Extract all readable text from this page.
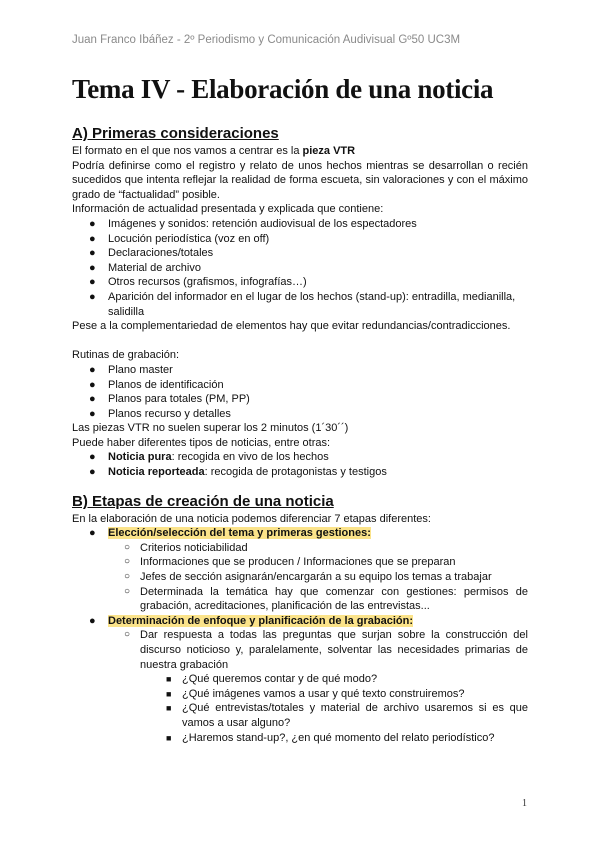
Juan Franco Ibáñez - 2º Periodismo y Comunicación Audivisual Gº50 UC3M
Tema IV - Elaboración de una noticia
A) Primeras consideraciones

El formato en el que nos vamos a centrar es la pieza VTR

Podría definirse como el registro y relato de unos hechos mientras se desarrollan o recién sucedidos que intenta reflejar la realidad de forma escueta, sin valoraciones y con el máximo grado de “factualidad” posible.

Información de actualidad presentada y explicada que contiene:

● Imágenes y sonidos: retención audiovisual de los espectadores
● Locución periodística (voz en off)
● Declaraciones/totales
● Material de archivo
● Otros recursos (grafismos, infografías…)
● Aparición del informador en el lugar de los hechos (stand-up): entradilla, medianilla, salidilla

Pese a la complementariedad de elementos hay que evitar redundancias/contradicciones.

Rutinas de grabación:

● Plano master
● Planos de identificación
● Planos para totales (PM, PP)
● Planos recurso y detalles

Las piezas VTR no suelen superar los 2 minutos (1´30´´)

Puede haber diferentes tipos de noticias, entre otras:

● Noticia pura: recogida en vivo de los hechos
● Noticia reporteada: recogida de protagonistas y testigos
B) Etapas de creación de una noticia

En la elaboración de una noticia podemos diferenciar 7 etapas diferentes:

● Elección/selección del tema y primeras gestiones:
○ Criterios noticiabilidad
○ Informaciones que se producen / Informaciones que se preparan
○ Jefes de sección asignarán/encargarán a su equipo los temas a trabajar
○ Determinada la temática hay que comenzar con gestiones: permisos de grabación, acreditaciones, planificación de las entrevistas...
● Determinación de enfoque y planificación de la grabación:
○ Dar respuesta a todas las preguntas que surjan sobre la construcción del discurso noticioso y, paralelamente, solventar las necesidades primarias de nuestra grabación
■ ¿Qué queremos contar y de qué modo?
■ ¿Qué imágenes vamos a usar y qué texto construiremos?
■ ¿Qué entrevistas/totales y material de archivo usaremos si es que vamos a usar alguno?
■ ¿Haremos stand-up?, ¿en qué momento del relato periodístico?
1
